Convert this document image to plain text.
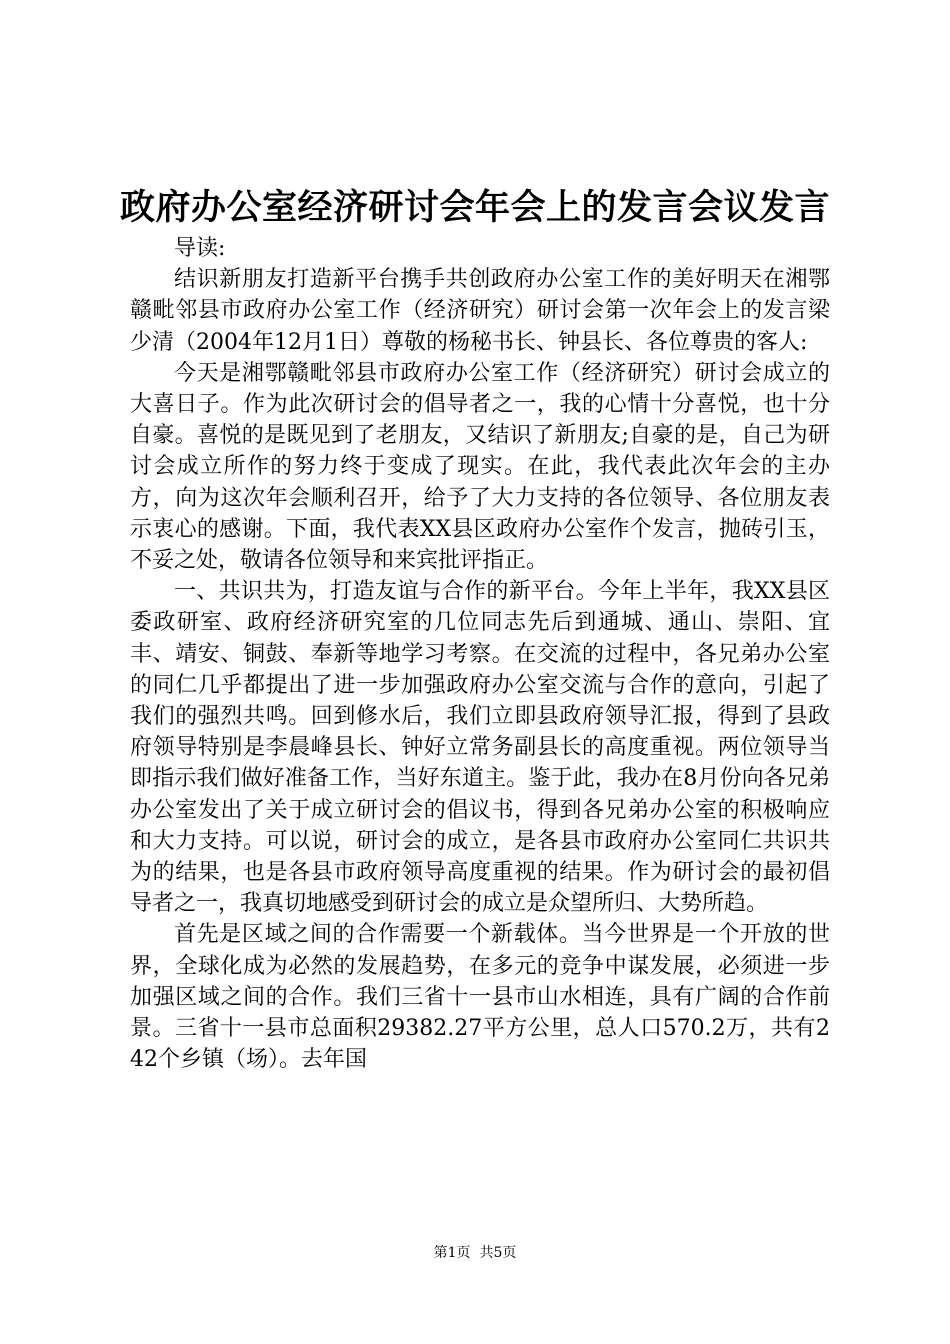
政府办公室经济研讨会年会上的发言会议发言

导读:

结识新朋友打造新平台携手共创政府办公室工作的美好明天在湘鄂赣毗邻县市政府办公室工作（经济研究）研讨会第一次年会上的发言梁少清（2004年12月1日）尊敬的杨秘书长、钟县长、各位尊贵的客人:

今天是湘鄂赣毗邻县市政府办公室工作（经济研究）研讨会成立的大喜日子。作为此次研讨会的倡导者之一，我的心情十分喜悦，也十分自豪。喜悦的是既见到了老朋友，又结识了新朋友;自豪的是，自己为研讨会成立所作的努力终于变成了现实。在此，我代表此次年会的主办方，向为这次年会顺利召开，给予了大力支持的各位领导、各位朋友表示衷心的感谢。下面，我代表XX县区政府办公室作个发言，抛砖引玉，不妥之处，敬请各位领导和来宾批评指正。

一、共识共为，打造友谊与合作的新平台。今年上半年，我XX县区委政研室、政府经济研究室的几位同志先后到通城、通山、崇阳、宜丰、靖安、铜鼓、奉新等地学习考察。在交流的过程中，各兄弟办公室的同仁几乎都提出了进一步加强政府办公室交流与合作的意向，引起了我们的强烈共鸣。回到修水后，我们立即县政府领导汇报，得到了县政府领导特别是李晨峰县长、钟好立常务副县长的高度重视。两位领导当即指示我们做好准备工作，当好东道主。鉴于此，我办在8月份向各兄弟办公室发出了关于成立研讨会的倡议书，得到各兄弟办公室的积极响应和大力支持。可以说，研讨会的成立，是各县市政府办公室同仁共识共为的结果，也是各县市政府领导高度重视的结果。作为研讨会的最初倡导者之一，我真切地感受到研讨会的成立是众望所归、大势所趋。

首先是区域之间的合作需要一个新载体。当今世界是一个开放的世界，全球化成为必然的发展趋势，在多元的竞争中谋发展，必须进一步加强区域之间的合作。我们三省十一县市山水相连，具有广阔的合作前景。三省十一县市总面积29382.27平方公里，总人口570.2万，共有242个乡镇（场）。去年国

第1页 共5页
